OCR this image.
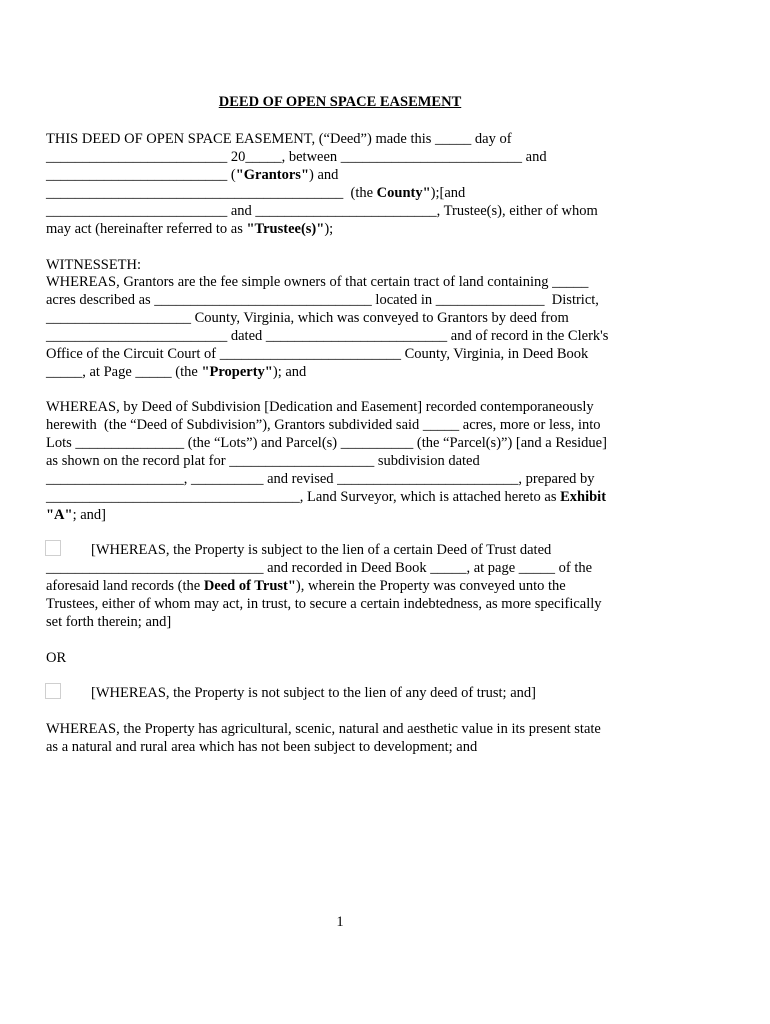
DEED OF OPEN SPACE EASEMENT
THIS DEED OF OPEN SPACE EASEMENT, (“Deed”) made this _____ day of
_________________________ 20_____, between _________________________ and
_________________________ ("Grantors") and
_________________________________________  (the County");[and
_________________________ and _________________________, Trustee(s), either of whom
may act (hereinafter referred to as "Trustee(s)");
WITNESSETH:
WHEREAS, Grantors are the fee simple owners of that certain tract of land containing _____
acres described as ______________________________ located in _______________  District,
____________________ County, Virginia, which was conveyed to Grantors by deed from
_________________________ dated _________________________ and of record in the Clerk's
Office of the Circuit Court of _________________________ County, Virginia, in Deed Book
_____, at Page _____ (the "Property"); and
WHEREAS, by Deed of Subdivision [Dedication and Easement] recorded contemporaneously
herewith  (the “Deed of Subdivision”), Grantors subdivided said _____ acres, more or less, into
Lots _______________ (the “Lots”) and Parcel(s) __________ (the “Parcel(s)”) [and a Residue]
as shown on the record plat for ____________________ subdivision dated
___________________, __________ and revised _________________________, prepared by
___________________________________, Land Surveyor, which is attached hereto as Exhibit
"A"; and]
[WHEREAS, the Property is subject to the lien of a certain Deed of Trust dated
______________________________ and recorded in Deed Book _____, at page _____ of the
aforesaid land records (the Deed of Trust"), wherein the Property was conveyed unto the
Trustees, either of whom may act, in trust, to secure a certain indebtedness, as more specifically
set forth therein; and]
OR
[WHEREAS, the Property is not subject to the lien of any deed of trust; and]
WHEREAS, the Property has agricultural, scenic, natural and aesthetic value in its present state
as a natural and rural area which has not been subject to development; and
1
